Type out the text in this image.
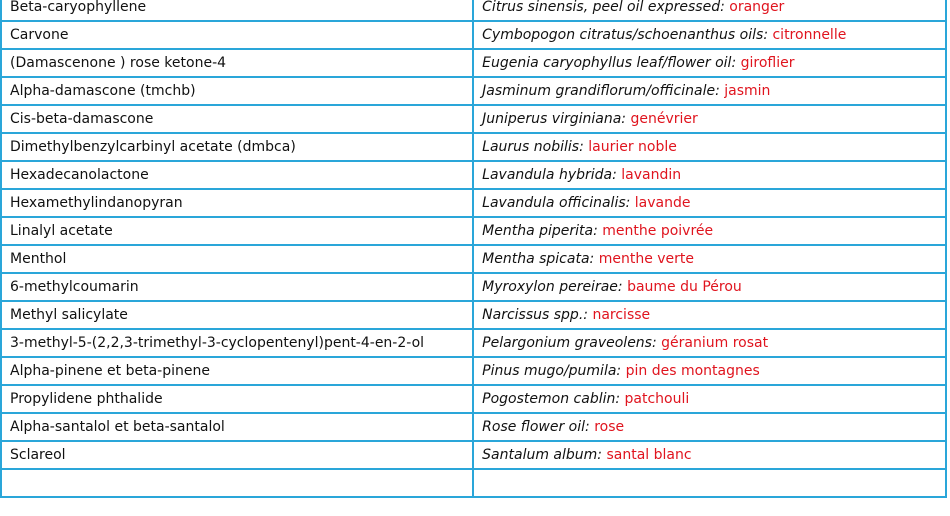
Beta-caryophyllene	Citrus sinensis, peel oil expressed: oranger
Carvone	Cymbopogon citratus/schoenanthus oils: citronnelle
(Damascenone ) rose ketone-4	Eugenia caryophyllus leaf/flower oil: giroflier
Alpha-damascone (tmchb)	Jasminum grandiflorum/officinale: jasmin
Cis-beta-damascone	Juniperus virginiana: genévrier
Dimethylbenzylcarbinyl acetate (dmbca)	Laurus nobilis: laurier noble
Hexadecanolactone	Lavandula hybrida: lavandin
Hexamethylindanopyran	Lavandula officinalis: lavande
Linalyl acetate	Mentha piperita: menthe poivrée
Menthol	Mentha spicata: menthe verte
6-methylcoumarin	Myroxylon pereirae: baume du Pérou
Methyl salicylate	Narcissus spp.: narcisse
3-methyl-5-(2,2,3-trimethyl-3-cyclopentenyl)pent-4-en-2-ol	Pelargonium graveolens: géranium rosat
Alpha-pinene et beta-pinene	Pinus mugo/pumila: pin des montagnes
Propylidene phthalide	Pogostemon cablin: patchouli
Alpha-santalol et beta-santalol	Rose flower oil: rose
Sclareol	Santalum album: santal blanc
